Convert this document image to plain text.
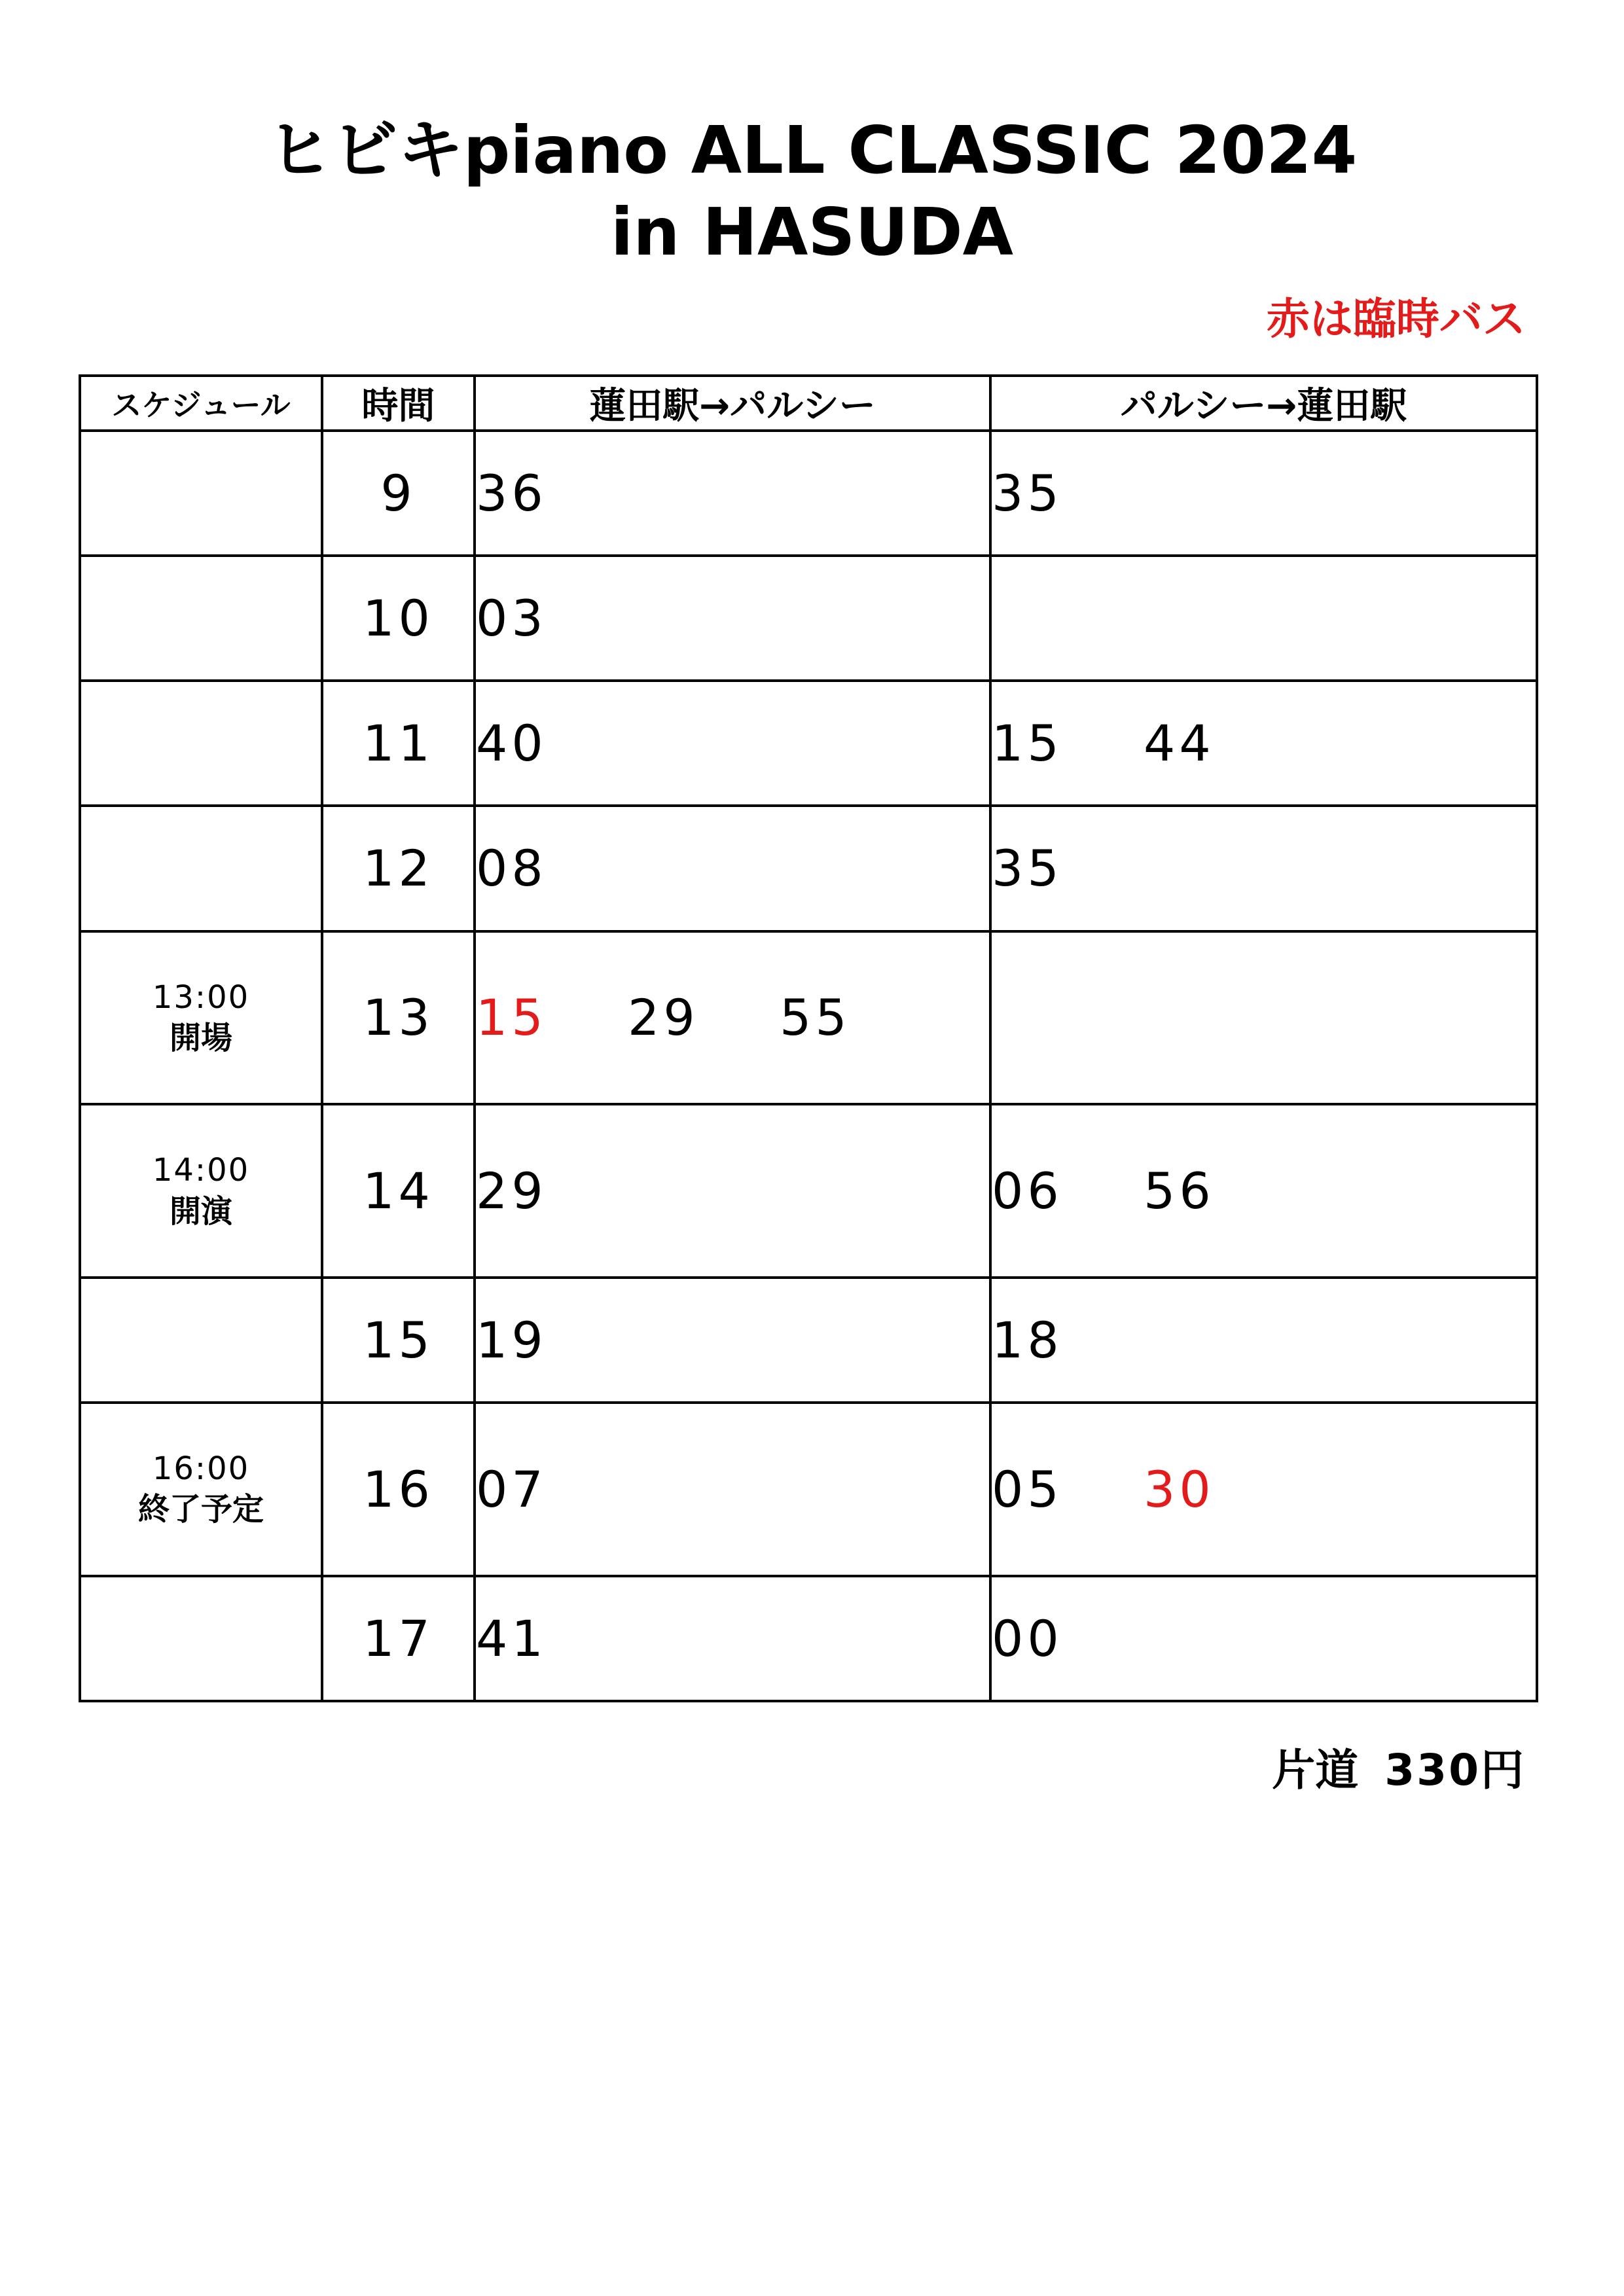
ヒビキpiano ALL CLASSIC 2024
in HASUDA
赤は臨時バス
スケジュール	時間	蓮田駅→パルシー	パルシー→蓮田駅

	9	36	35

	10	03	

	11	40	15 44

	12	08	35

13:00
開場	13	15 29 55	

14:00
開演	14	29	06 56

	15	19	18

16:00
終了予定	16	07	05 30

	17	41	00
片道 330円
